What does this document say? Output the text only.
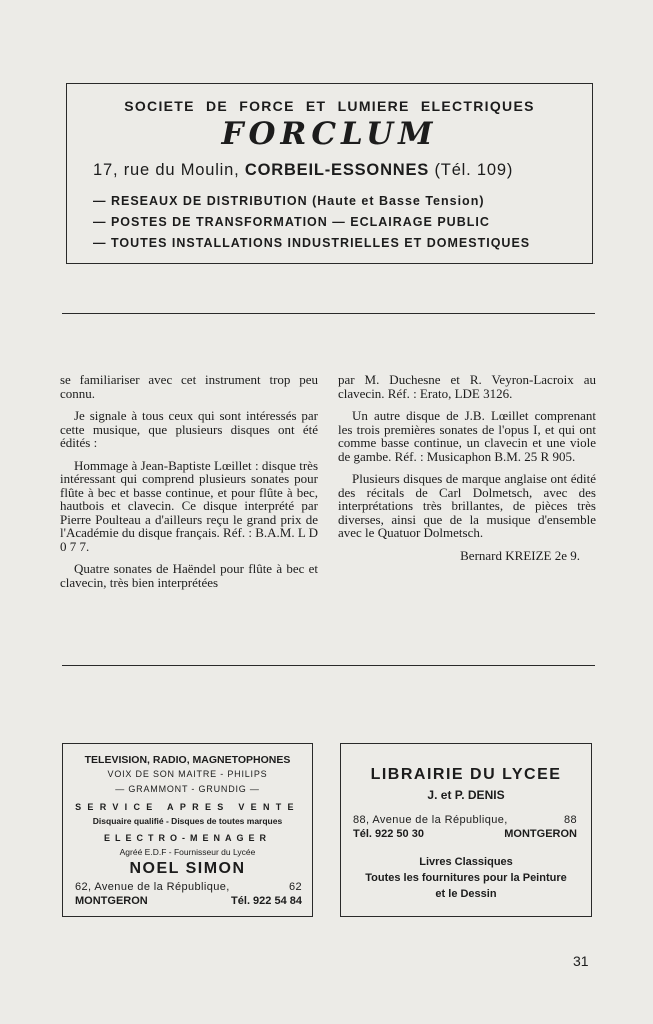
SOCIETE DE FORCE ET LUMIERE ELECTRIQUES
FORCLUM
17, rue du Moulin, CORBEIL-ESSONNES (Tél. 109)
— RESEAUX DE DISTRIBUTION (Haute et Basse Tension)
— POSTES DE TRANSFORMATION — ECLAIRAGE PUBLIC
— TOUTES INSTALLATIONS INDUSTRIELLES ET DOMESTIQUES

se familiariser avec cet instrument trop peu connu.

Je signale à tous ceux qui sont intéressés par cette musique, que plusieurs disques ont été édités :

Hommage à Jean-Baptiste Lœillet : disque très intéressant qui comprend plusieurs sonates pour flûte à bec et basse continue, et pour flûte à bec, hautbois et clavecin. Ce disque interprété par Pierre Poulteau a d'ailleurs reçu le grand prix de l'Académie du disque français. Réf. : B.A.M. L D 0 7 7.

Quatre sonates de Haëndel pour flûte à bec et clavecin, très bien interprétées

par M. Duchesne et R. Veyron-Lacroix au clavecin. Réf. : Erato, LDE 3126.

Un autre disque de J.B. Lœillet comprenant les trois premières sonates de l'opus I, et qui ont comme basse continue, un clavecin et une viole de gambe. Réf. : Musicaphon B.M. 25 R 905.

Plusieurs disques de marque anglaise ont édité des récitals de Carl Dolmetsch, avec des interprétations très brillantes, de pièces très diverses, ainsi que de la musique d'ensemble avec le Quatuor Dolmetsch.

Bernard KREIZE 2e 9.

TELEVISION, RADIO, MAGNETOPHONES
VOIX DE SON MAITRE - PHILIPS
— GRAMMONT - GRUNDIG —
SERVICE APRES VENTE
Disquaire qualifié - Disques de toutes marques
ELECTRO-MENAGER
Agréé E.D.F - Fournisseur du Lycée
NOEL SIMON
62, Avenue de la République,	62
MONTGERON	Tél. 922 54 84
LIBRAIRIE DU LYCEE
J. et P. DENIS
88, Avenue de la République,	88
Tél. 922 50 30	MONTGERON
Livres Classiques
Toutes les fournitures pour la Peinture
et le Dessin
31
